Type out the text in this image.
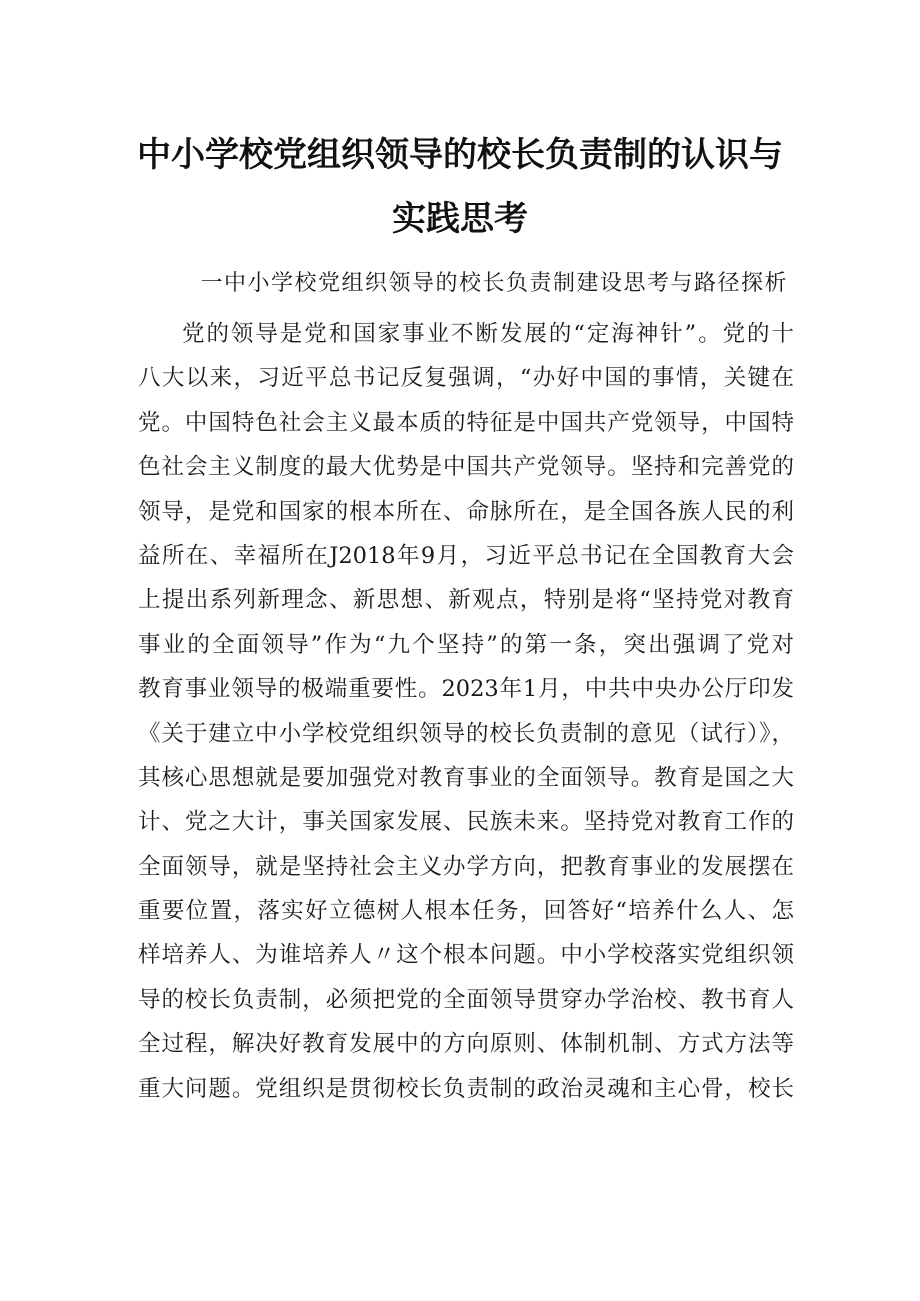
中小学校党组织领导的校长负责制的认识与
实践思考
一中小学校党组织领导的校长负责制建设思考与路径探析
党的领导是党和国家事业不断发展的“定海神针”。党的十
八大以来，习近平总书记反复强调，“办好中国的事情，关键在
党。中国特色社会主义最本质的特征是中国共产党领导，中国特
色社会主义制度的最大优势是中国共产党领导。坚持和完善党的
领导，是党和国家的根本所在、命脉所在，是全国各族人民的利
益所在、幸福所在J2018年9月，习近平总书记在全国教育大会
上提出系列新理念、新思想、新观点，特别是将“坚持党对教育
事业的全面领导”作为“九个坚持”的第一条，突出强调了党对
教育事业领导的极端重要性。2023年1月，中共中央办公厅印发
《关于建立中小学校党组织领导的校长负责制的意见（试行）》，
其核心思想就是要加强党对教育事业的全面领导。教育是国之大
计、党之大计，事关国家发展、民族未来。坚持党对教育工作的
全面领导，就是坚持社会主义办学方向，把教育事业的发展摆在
重要位置，落实好立德树人根本任务，回答好“培养什么人、怎
样培养人、为谁培养人〃这个根本问题。中小学校落实党组织领
导的校长负责制，必须把党的全面领导贯穿办学治校、教书育人
全过程，解决好教育发展中的方向原则、体制机制、方式方法等
重大问题。党组织是贯彻校长负责制的政治灵魂和主心骨，校长
